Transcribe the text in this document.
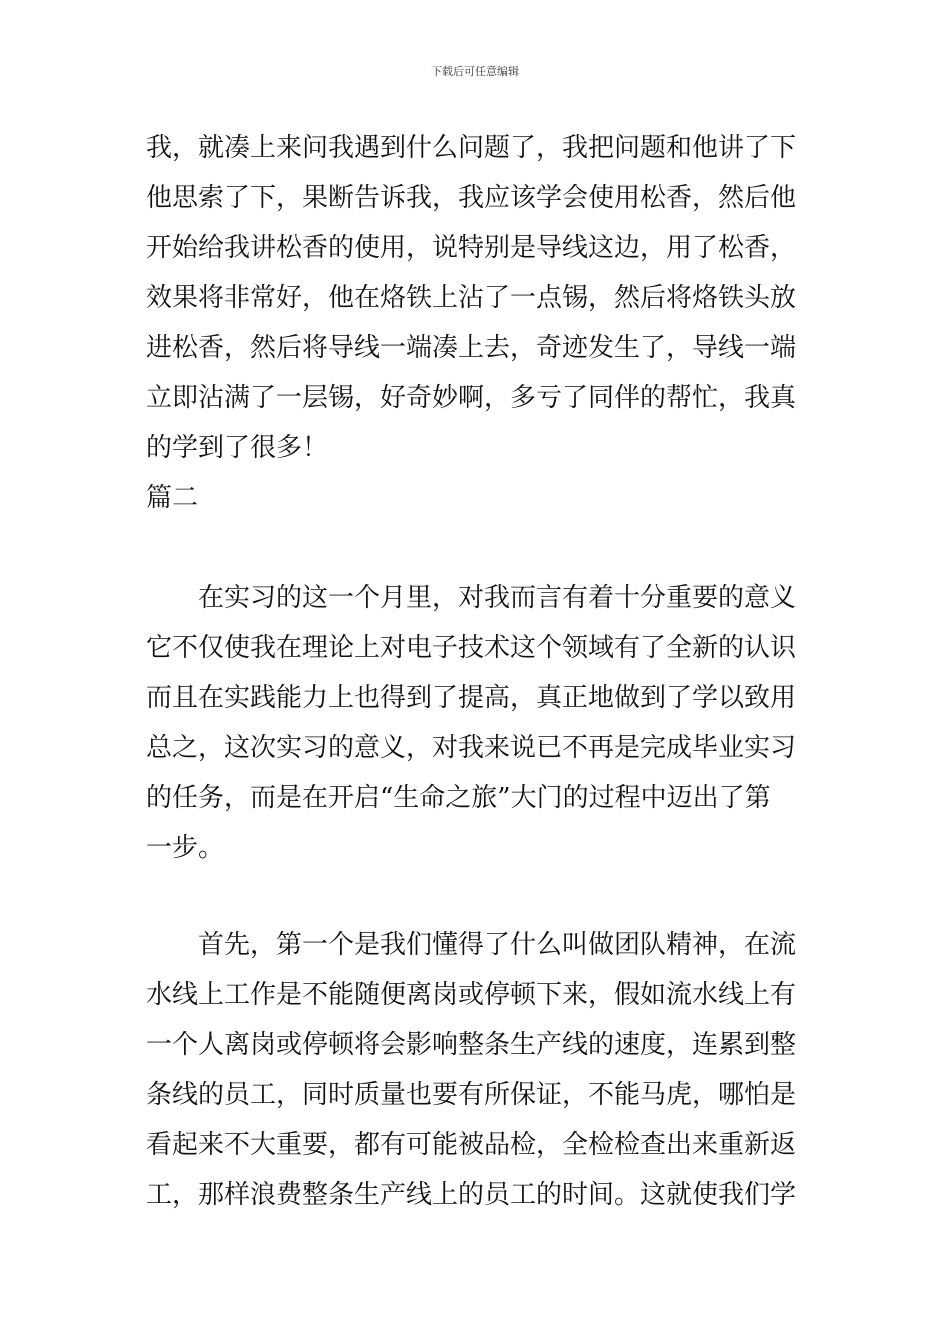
下载后可任意编辑
我，就凑上来问我遇到什么问题了，我把问题和他讲了下
他思索了下，果断告诉我，我应该学会使用松香，然后他
开始给我讲松香的使用，说特别是导线这边，用了松香，
效果将非常好，他在烙铁上沾了一点锡，然后将烙铁头放
进松香，然后将导线一端凑上去，奇迹发生了，导线一端
立即沾满了一层锡，好奇妙啊，多亏了同伴的帮忙，我真
的学到了很多！
篇二
在实习的这一个月里，对我而言有着十分重要的意义
它不仅使我在理论上对电子技术这个领域有了全新的认识
而且在实践能力上也得到了提高，真正地做到了学以致用
总之，这次实习的意义，对我来说已不再是完成毕业实习
的任务，而是在开启“生命之旅”大门的过程中迈出了第
一步。
首先，第一个是我们懂得了什么叫做团队精神，在流
水线上工作是不能随便离岗或停顿下来，假如流水线上有
一个人离岗或停顿将会影响整条生产线的速度，连累到整
条线的员工，同时质量也要有所保证，不能马虎，哪怕是
看起来不大重要，都有可能被品检，全检检查出来重新返
工，那样浪费整条生产线上的员工的时间。这就使我们学
